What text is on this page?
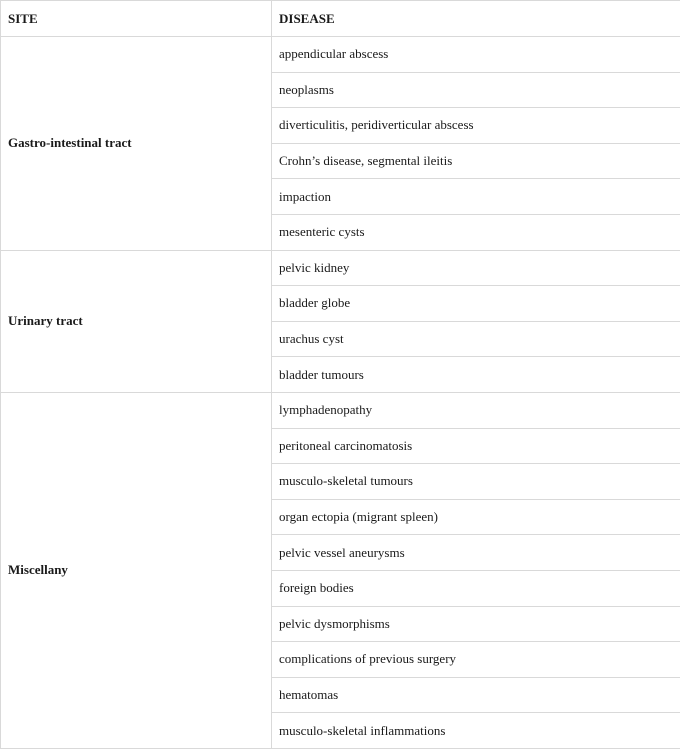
SITE	DISEASE
Gastro-intestinal tract	appendicular abscess
	neoplasms
	diverticulitis, peridiverticular abscess
	Crohn’s disease, segmental ileitis
	impaction
	mesenteric cysts
Urinary tract	pelvic kidney
	bladder globe
	urachus cyst
	bladder tumours
Miscellany	lymphadenopathy
	peritoneal carcinomatosis
	musculo-skeletal tumours
	organ ectopia (migrant spleen)
	pelvic vessel aneurysms
	foreign bodies
	pelvic dysmorphisms
	complications of previous surgery
	hematomas
	musculo-skeletal inflammations
